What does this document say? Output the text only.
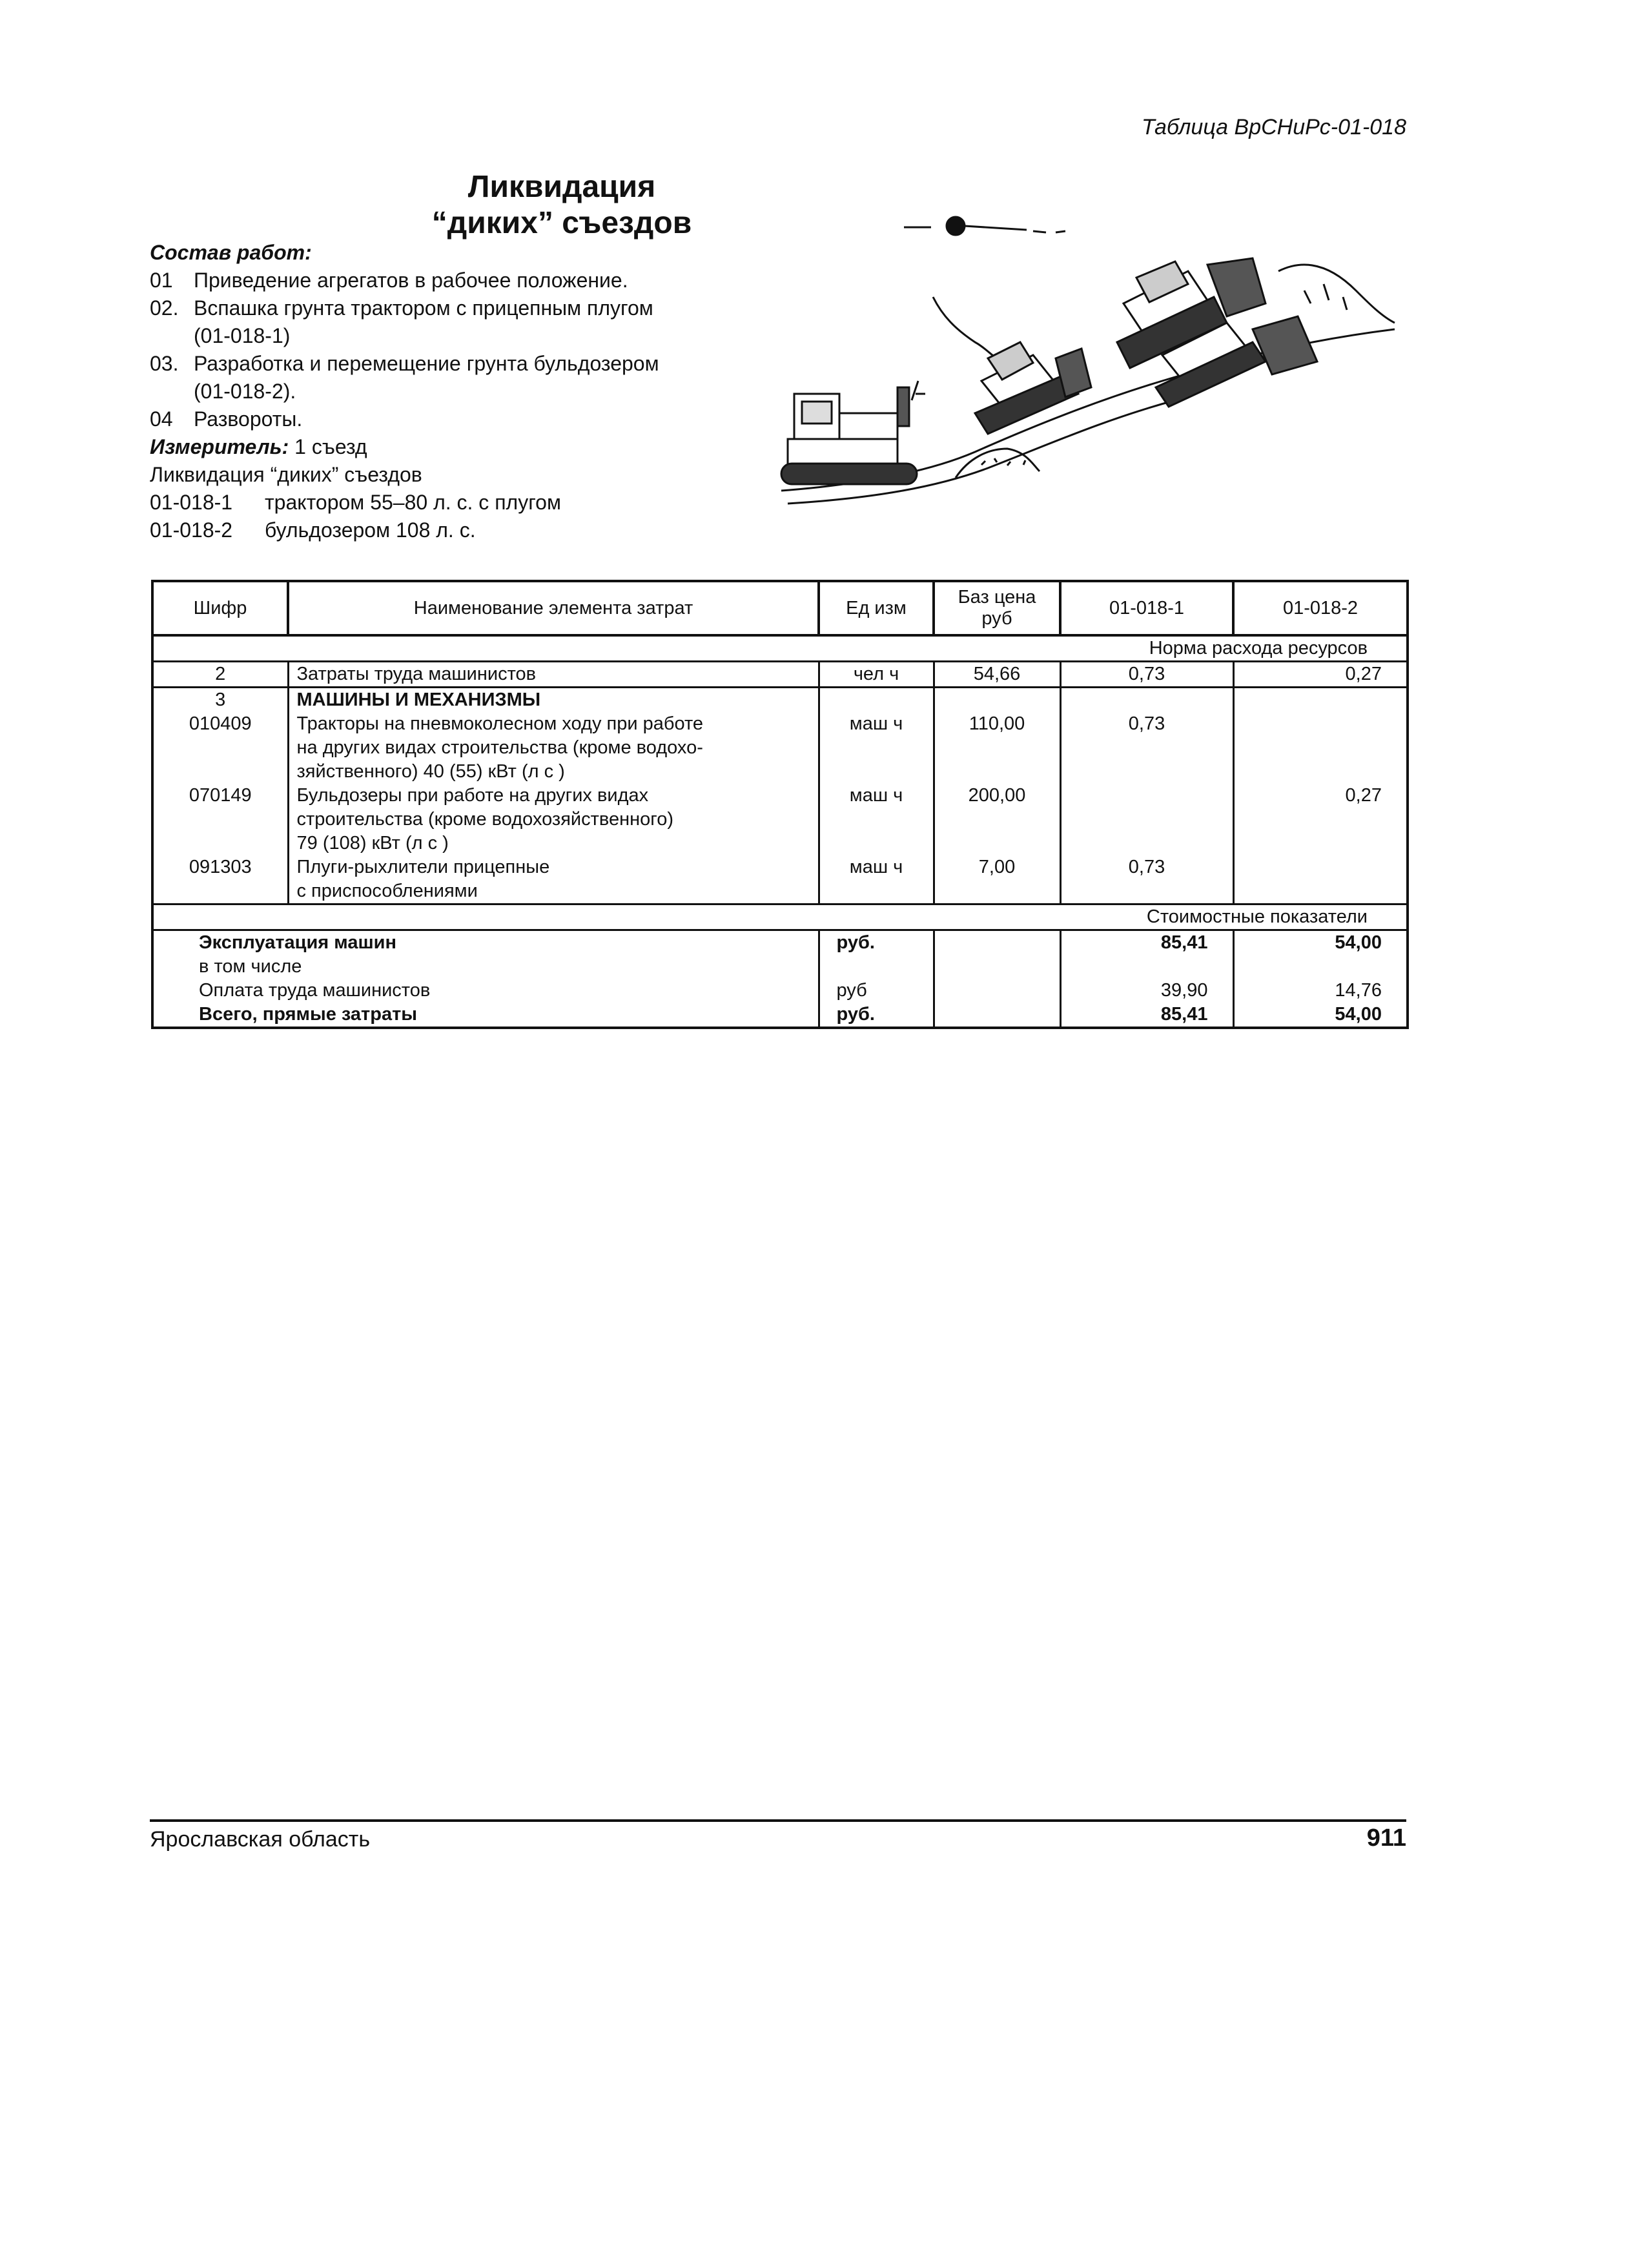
Таблица ВрСНиРс-01-018
Ликвидация
“диких” съездов
Состав работ:
01	Приведение агрегатов в рабочее положение.
02. Вспашка грунта трактором с прицепным плугом
(01-018-1)
03. Разработка и перемещение грунта бульдозером
(01-018-2).
04	Развороты.
Измеритель: 1 съезд
Ликвидация “диких” съездов
01-018-1	трактором 55–80 л. с. с плугом
01-018-2	бульдозером 108 л. с.
Шифр	Наименование элемента затрат	Ед изм	Баз цена
руб	01-018-1	01-018-2
Норма расхода ресурсов					
2	Затраты труда машинистов	чел ч	54,66	0,73	0,27
3	МАШИНЫ И МЕХАНИЗМЫ				
010409	Тракторы на пневмоколесном ходу при работе
на других видах строительства (кроме водохо-
зяйственного) 40 (55) кВт (л с )	маш ч	110,00	0,73	
070149	Бульдозеры при работе на других видах
строительства (кроме водохозяйственного)
79 (108) кВт (л с )	маш ч	200,00		0,27
091303	Плуги-рыхлители прицепные
с приспособлениями	маш ч	7,00	0,73	
Стоимостные показатели					
Эксплуатация машин		руб.		85,41	54,00
в том числе					
Оплата труда машинистов		руб		39,90	14,76
Всего, прямые затраты		руб.		85,41	54,00
Ярославская область	911
